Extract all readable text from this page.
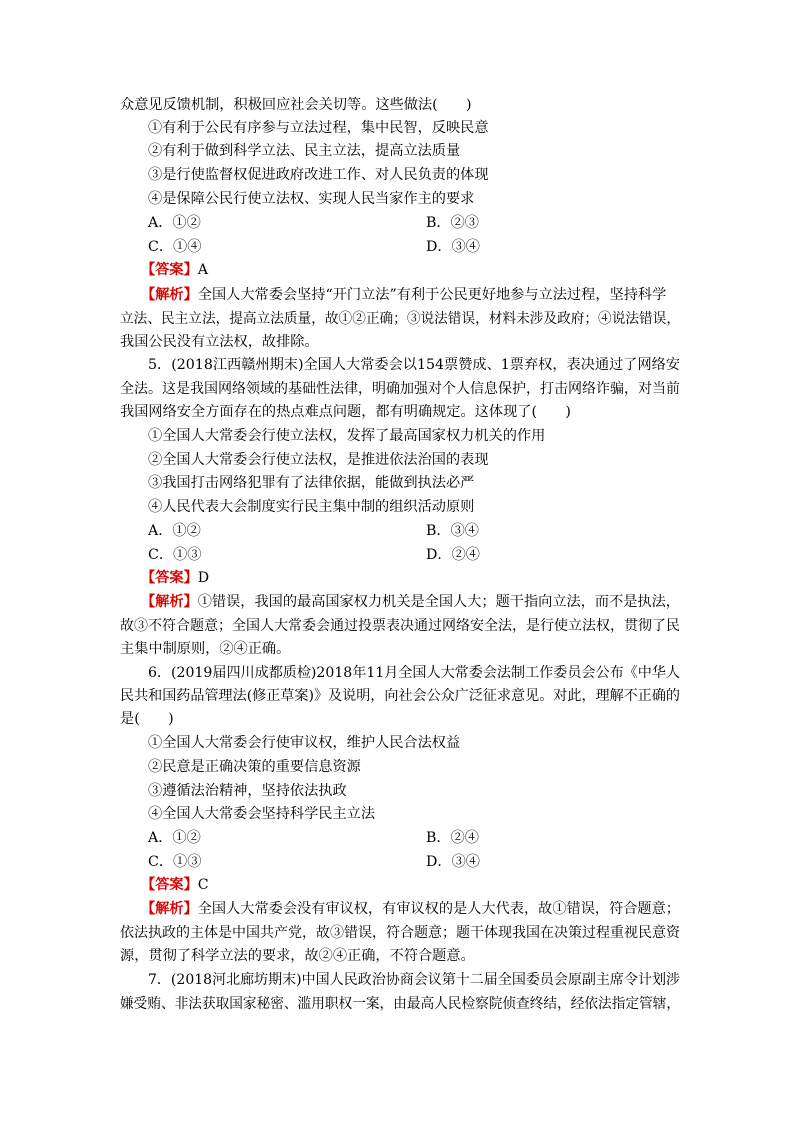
众意见反馈机制，积极回应社会关切等。这些做法(　　)
①有利于公民有序参与立法过程，集中民智，反映民意
②有利于做到科学立法、民主立法，提高立法质量
③是行使监督权促进政府改进工作、对人民负责的体现
④是保障公民行使立法权、实现人民当家作主的要求
A．①②	B．②③
C．①④	D．③④
【答案】A
【解析】全国人大常委会坚持“开门立法”有利于公民更好地参与立法过程，坚持科学
立法、民主立法，提高立法质量，故①②正确；③说法错误，材料未涉及政府；④说法错误，
我国公民没有立法权，故排除。
5．(2018江西赣州期末)全国人大常委会以154票赞成、1票弃权，表决通过了网络安
全法。这是我国网络领域的基础性法律，明确加强对个人信息保护，打击网络诈骗，对当前
我国网络安全方面存在的热点难点问题，都有明确规定。这体现了(　　)
①全国人大常委会行使立法权，发挥了最高国家权力机关的作用
②全国人大常委会行使立法权，是推进依法治国的表现
③我国打击网络犯罪有了法律依据，能做到执法必严
④人民代表大会制度实行民主集中制的组织活动原则
A．①②	B．③④
C．①③	D．②④
【答案】D
【解析】①错误，我国的最高国家权力机关是全国人大；题干指向立法，而不是执法，
故③不符合题意；全国人大常委会通过投票表决通过网络安全法，是行使立法权，贯彻了民
主集中制原则，②④正确。
6．(2019届四川成都质检)2018年11月全国人大常委会法制工作委员会公布《中华人
民共和国药品管理法(修正草案)》及说明，向社会公众广泛征求意见。对此，理解不正确的
是(　　)
①全国人大常委会行使审议权，维护人民合法权益
②民意是正确决策的重要信息资源
③遵循法治精神，坚持依法执政
④全国人大常委会坚持科学民主立法
A．①②	B．②④
C．①③	D．③④
【答案】C
【解析】全国人大常委会没有审议权，有审议权的是人大代表，故①错误，符合题意；
依法执政的主体是中国共产党，故③错误，符合题意；题干体现我国在决策过程重视民意资
源，贯彻了科学立法的要求，故②④正确，不符合题意。
7．(2018河北廊坊期末)中国人民政治协商会议第十二届全国委员会原副主席令计划涉
嫌受贿、非法获取国家秘密、滥用职权一案，由最高人民检察院侦查终结，经依法指定管辖，
